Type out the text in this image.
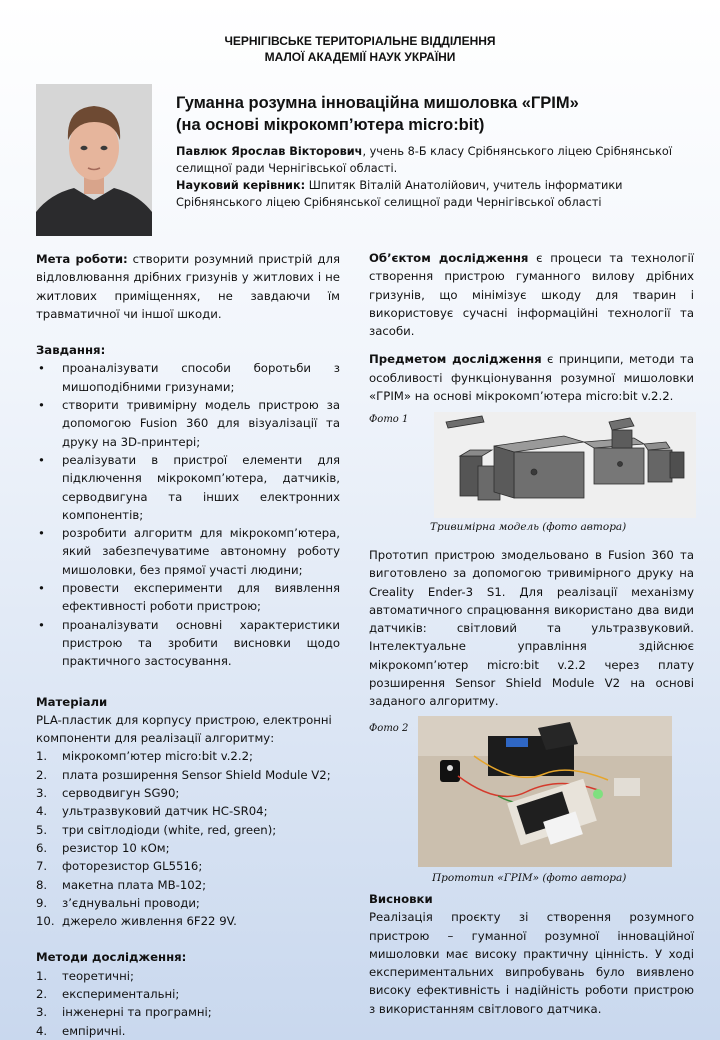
ЧЕРНІГІВСЬКЕ ТЕРИТОРІАЛЬНЕ ВІДДІЛЕННЯ
МАЛОЇ АКАДЕМІЇ НАУК УКРАЇНИ
Гуманна розумна інноваційна мишоловка «ГРІМ»
(на основі мікрокомп’ютера micro:bit)
Павлюк Ярослав Вікторович, учень 8-Б класу Срібнянського ліцею Срібнянської селищної ради Чернігівської області.
Науковий керівник: Шпитяк Віталій Анатолійович, учитель інформатики Срібнянського ліцею Срібнянської селищної ради Чернігівської області

Мета роботи: створити розумний пристрій для відловлювання дрібних гризунів у житлових і не житлових приміщеннях, не завдаючи їм травматичної чи іншої шкоди.

Завдання:
• проаналізувати способи боротьби з мишоподібними гризунами;
• створити тривимірну модель пристрою за допомогою Fusion 360 для візуалізації та друку на 3D-принтері;
• реалізувати в пристрої елементи для підключення мікрокомп’ютера, датчиків, серводвигуна та інших електронних компонентів;
• розробити алгоритм для мікрокомп’ютера, який забезпечуватиме автономну роботу мишоловки, без прямої участі людини;
• провести експерименти для виявлення ефективності роботи пристрою;
• проаналізувати основні характеристики пристрою та зробити висновки щодо практичного застосування.
Матеріали

PLA-пластик для корпусу пристрою, електронні компоненти для реалізації алгоритму:

1. мікрокомп’ютер micro:bit v.2.2;
2. плата розширення Sensor Shield Module V2;
3. серводвигун SG90;
4. ультразвуковий датчик HC-SR04;
5. три світлодіоди (white, red, green);
6. резистор 10 кОм;
7. фоторезистор GL5516;
8. макетна плата MB-102;
9. з’єднувальні проводи;
10. джерело живлення 6F22 9V.
Методи дослідження:
1. теоретичні;
2. експериментальні;
3. інженерні та програмні;
4. емпіричні.

Об’єктом дослідження є процеси та технології створення пристрою гуманного вилову дрібних гризунів, що мінімізує шкоду для тварин і використовує сучасні інформаційні технології та засоби.

Предметом дослідження є принципи, методи та особливості функціонування розумної мишоловки «ГРІМ» на основі мікрокомп’ютера micro:bit v.2.2.

Фото 1
Тривимірна модель (фото автора)

Прототип пристрою змодельовано в Fusion 360 та виготовлено за допомогою тривимірного друку на Creality Ender-3 S1. Для реалізації механізму автоматичного спрацювання використано два види датчиків: світловий та ультразвуковий. Інтелектуальне управління здійснює мікрокомп’ютер micro:bit v.2.2 через плату розширення Sensor Shield Module V2 на основі заданого алгоритму.

Фото 2
Прототип «ГРІМ» (фото автора)
Висновки

Реалізація проєкту зі створення розумного пристрою – гуманної розумної інноваційної мишоловки має високу практичну цінність. У ході експериментальних випробувань було виявлено високу ефективність і надійність роботи пристрою з використанням світлового датчика.
